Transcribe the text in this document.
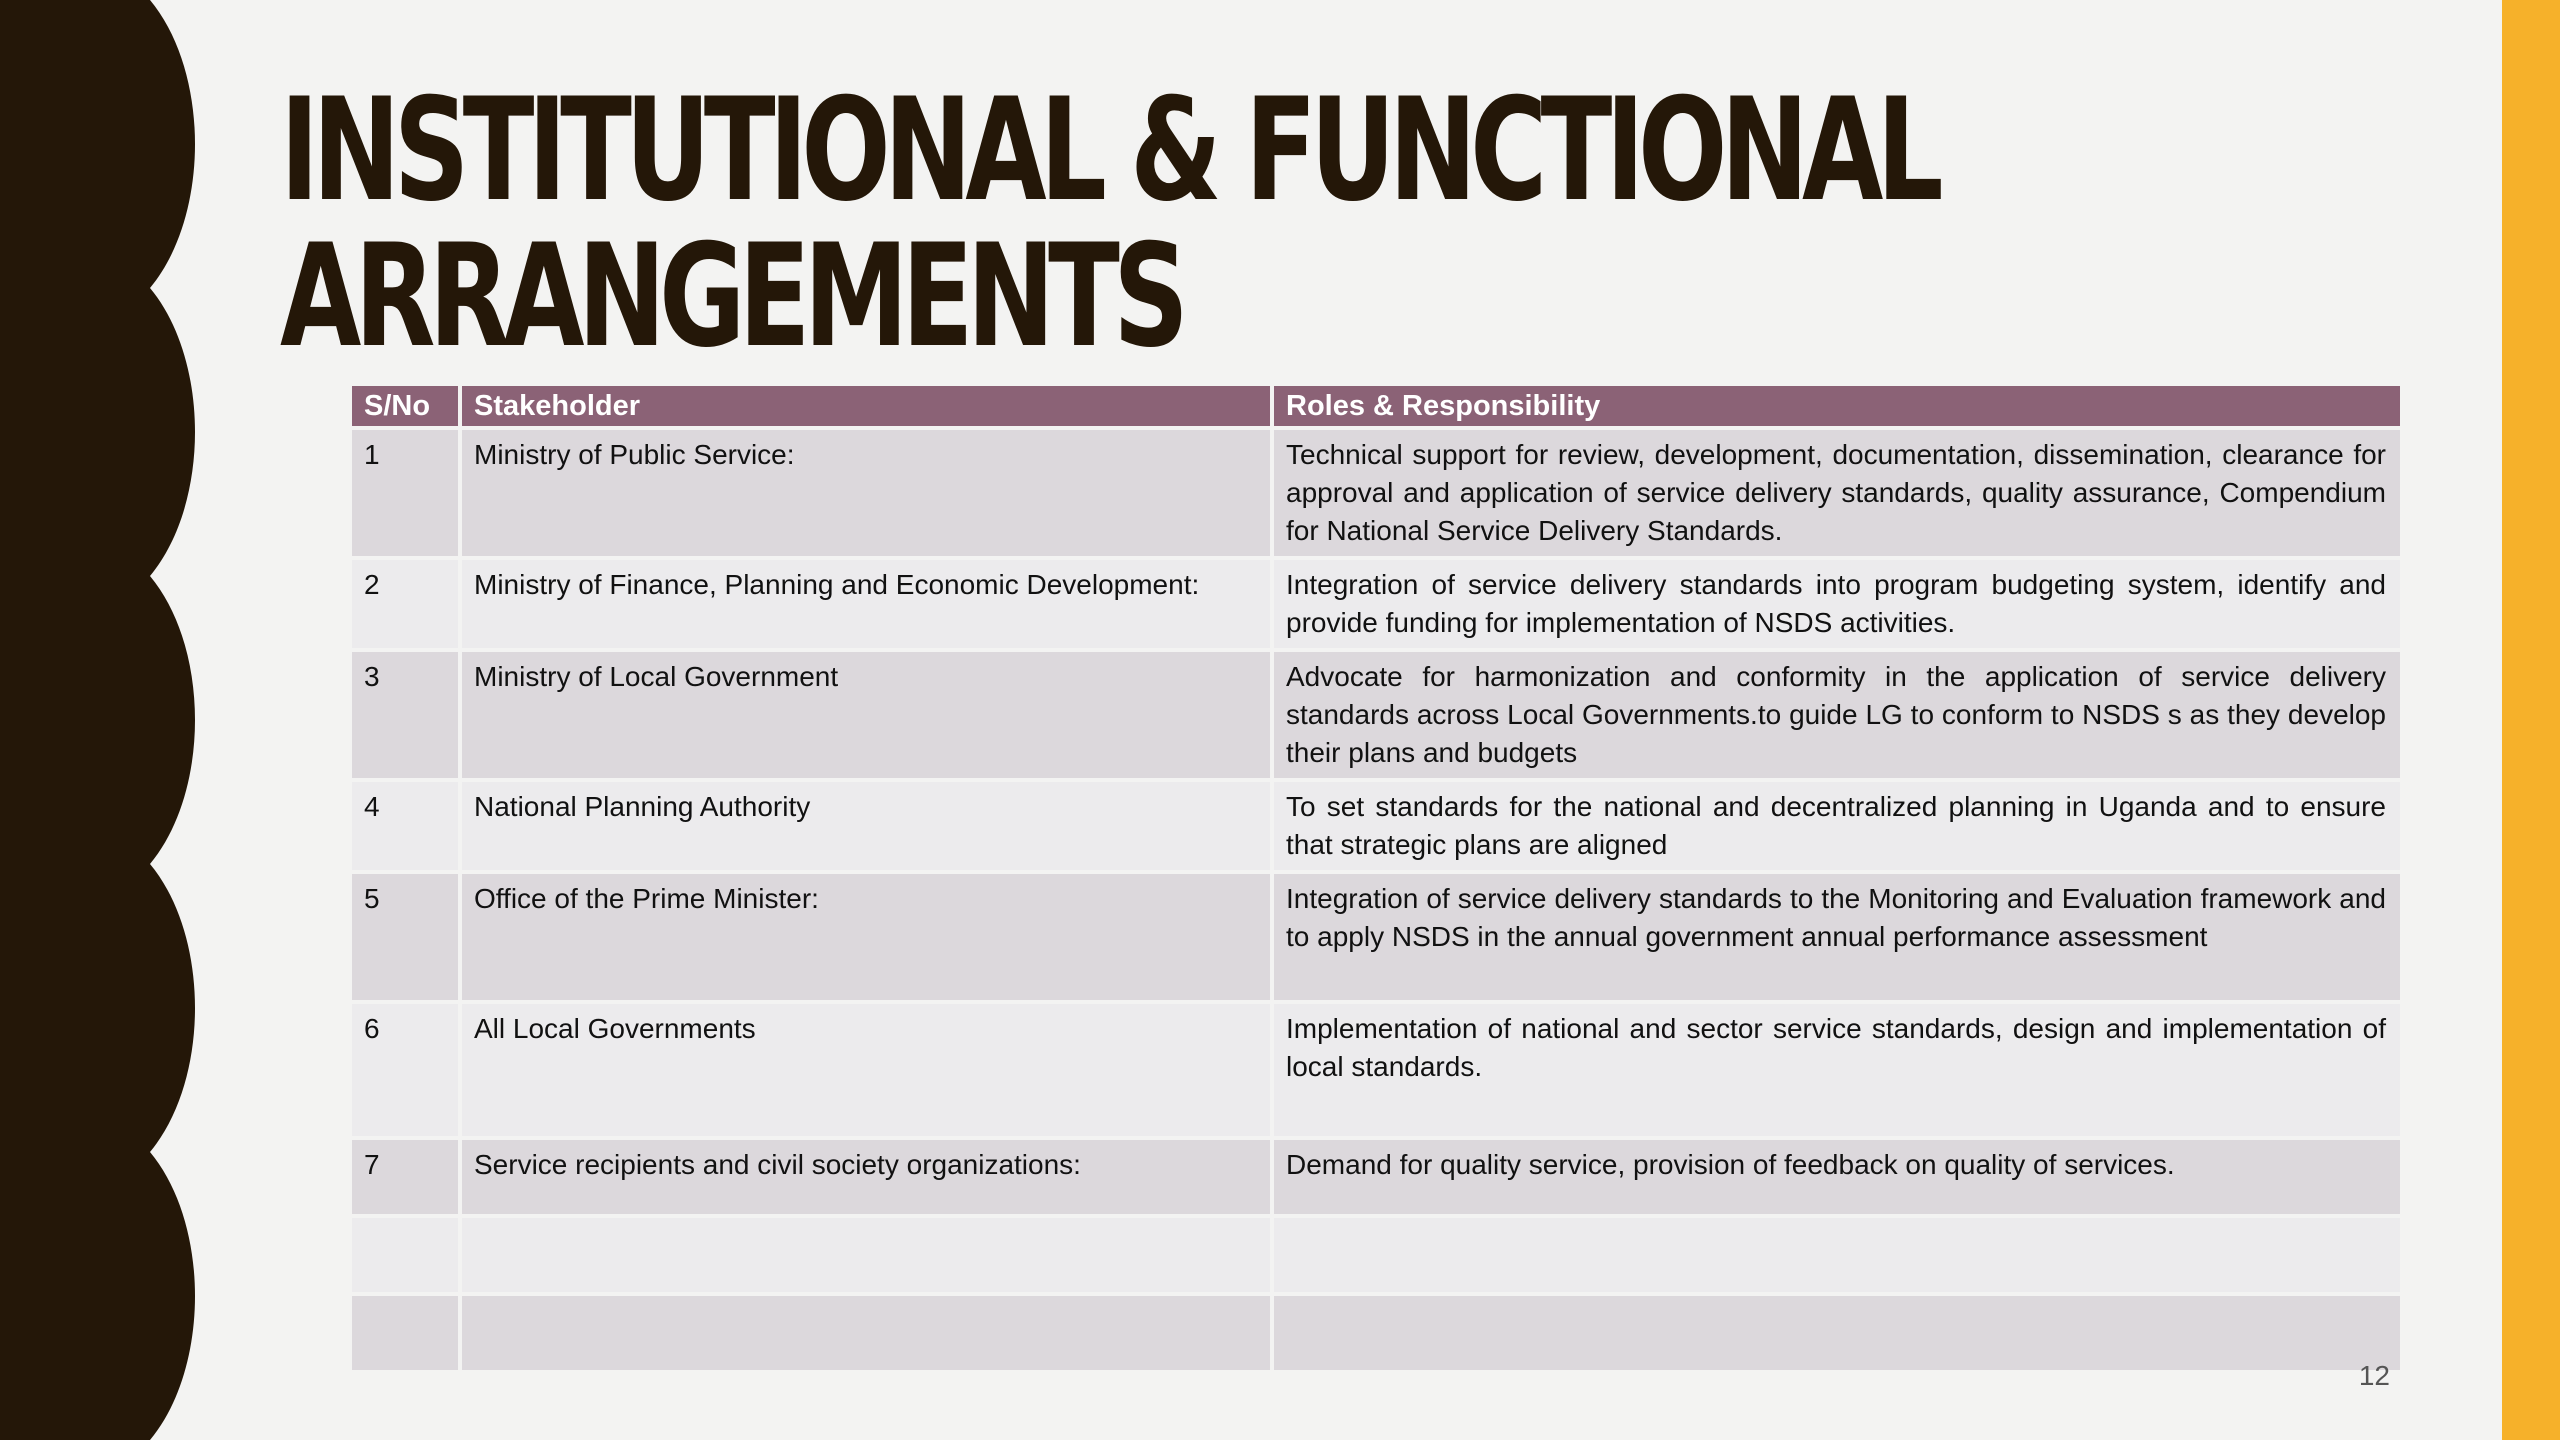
INSTITUTIONAL & FUNCTIONAL
ARRANGEMENTS
S/No	Stakeholder	Roles & Responsibility
1	Ministry of Public Service:	Technical support for review, development, documentation, dissemination, clearance for approval and application of service delivery standards, quality assurance, Compendium for National Service Delivery Standards.
2	Ministry of Finance, Planning and Economic Development:	Integration of service delivery standards into program budgeting system, identify and provide funding for implementation of NSDS activities.
3	Ministry of Local Government	Advocate for harmonization and conformity in the application of service delivery standards across Local Governments.to guide LG to conform to NSDS s as they develop their plans and budgets
4	National Planning Authority	To set standards for the national and decentralized planning in Uganda and to ensure that strategic plans are aligned
5	Office of the Prime Minister:	Integration of service delivery standards to the Monitoring and Evaluation framework and to apply NSDS in the annual government annual performance assessment
6	All Local Governments	Implementation of national and sector service standards, design and implementation of local standards.
7	Service recipients and civil society organizations:	Demand for quality service, provision of feedback on quality of services.

12
